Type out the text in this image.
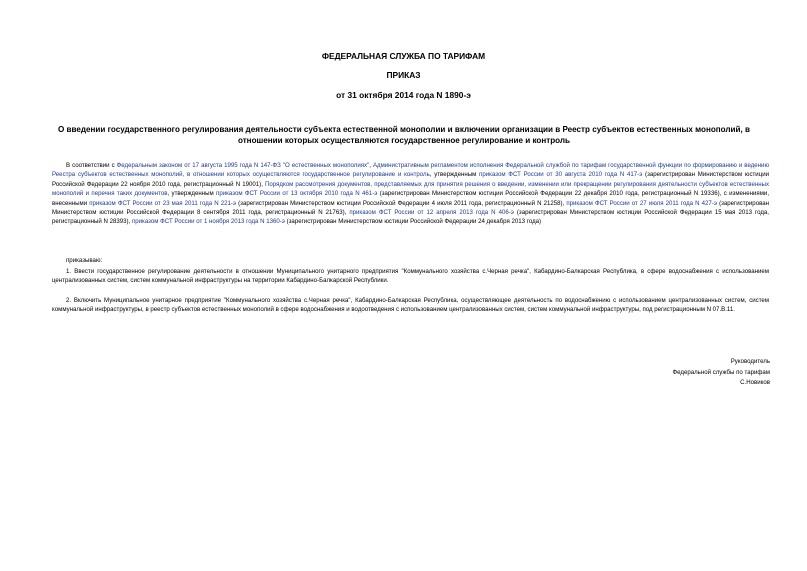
ФЕДЕРАЛЬНАЯ СЛУЖБА ПО ТАРИФАМ
ПРИКАЗ
от 31 октября 2014 года N 1890-э
О введении государственного регулирования деятельности субъекта естественной монополии и включении организации в Реестр субъектов естественных монополий, в отношении которых осуществляются государственное регулирование и контроль
В соответствии с Федеральным законом от 17 августа 1995 года N 147-ФЗ "О естественных монополиях", Административным регламентом исполнения Федеральной службой по тарифам государственной функции по формированию и ведению Реестра субъектов естественных монополий, в отношении которых осуществляются государственное регулирование и контроль, утвержденным приказом ФСТ России от 30 августа 2010 года N 417-э (зарегистрирован Министерством юстиции Российской Федерации 22 ноября 2010 года, регистрационный N 19001), Порядком рассмотрения документов, представляемых для принятия решения о введении, изменении или прекращении регулирования деятельности субъектов естественных монополий и перечня таких документов, утвержденным приказом ФСТ России от 13 октября 2010 года N 461-э (зарегистрирован Министерством юстиции Российской Федерации 22 декабря 2010 года, регистрационный N 19336), с изменениями, внесенными приказом ФСТ России от 23 мая 2011 года N 221-э (зарегистрирован Министерством юстиции Российской Федерации 4 июля 2011 года, регистрационный N 21258), приказом ФСТ России от 27 июля 2011 года N 427-э (зарегистрирован Министерством юстиции Российской Федерации 8 сентября 2011 года, регистрационный N 21763), приказом ФСТ России от 12 апреля 2013 года N 406-э (зарегистрирован Министерством юстиции Российской Федерации 15 мая 2013 года, регистрационный N 28393), приказом ФСТ России от 1 ноября 2013 года N 1360-э (зарегистрирован Министерством юстиции Российской Федерации 24 декабря 2013 года)
приказываю:
1. Ввести государственное регулирование деятельности в отношении Муниципального унитарного предприятия "Коммунального хозяйства с.Черная речка", Кабардино-Балкарская Республика, в сфере водоснабжения с использованием централизованных систем, систем коммунальной инфраструктуры на территории Кабардино-Балкарской Республики.
2. Включить Муниципальное унитарное предприятие "Коммунального хозяйства с.Черная речка", Кабардино-Балкарская Республика, осуществляющее деятельность по водоснабжению с использованием централизованных систем, систем коммунальной инфраструктуры, в реестр субъектов естественных монополий в сфере водоснабжения и водоотведения с использованием централизованных систем, систем коммунальной инфраструктуры, под регистрационным N 07.В.11.
Руководитель
Федеральной службы по тарифам
С.Новиков
